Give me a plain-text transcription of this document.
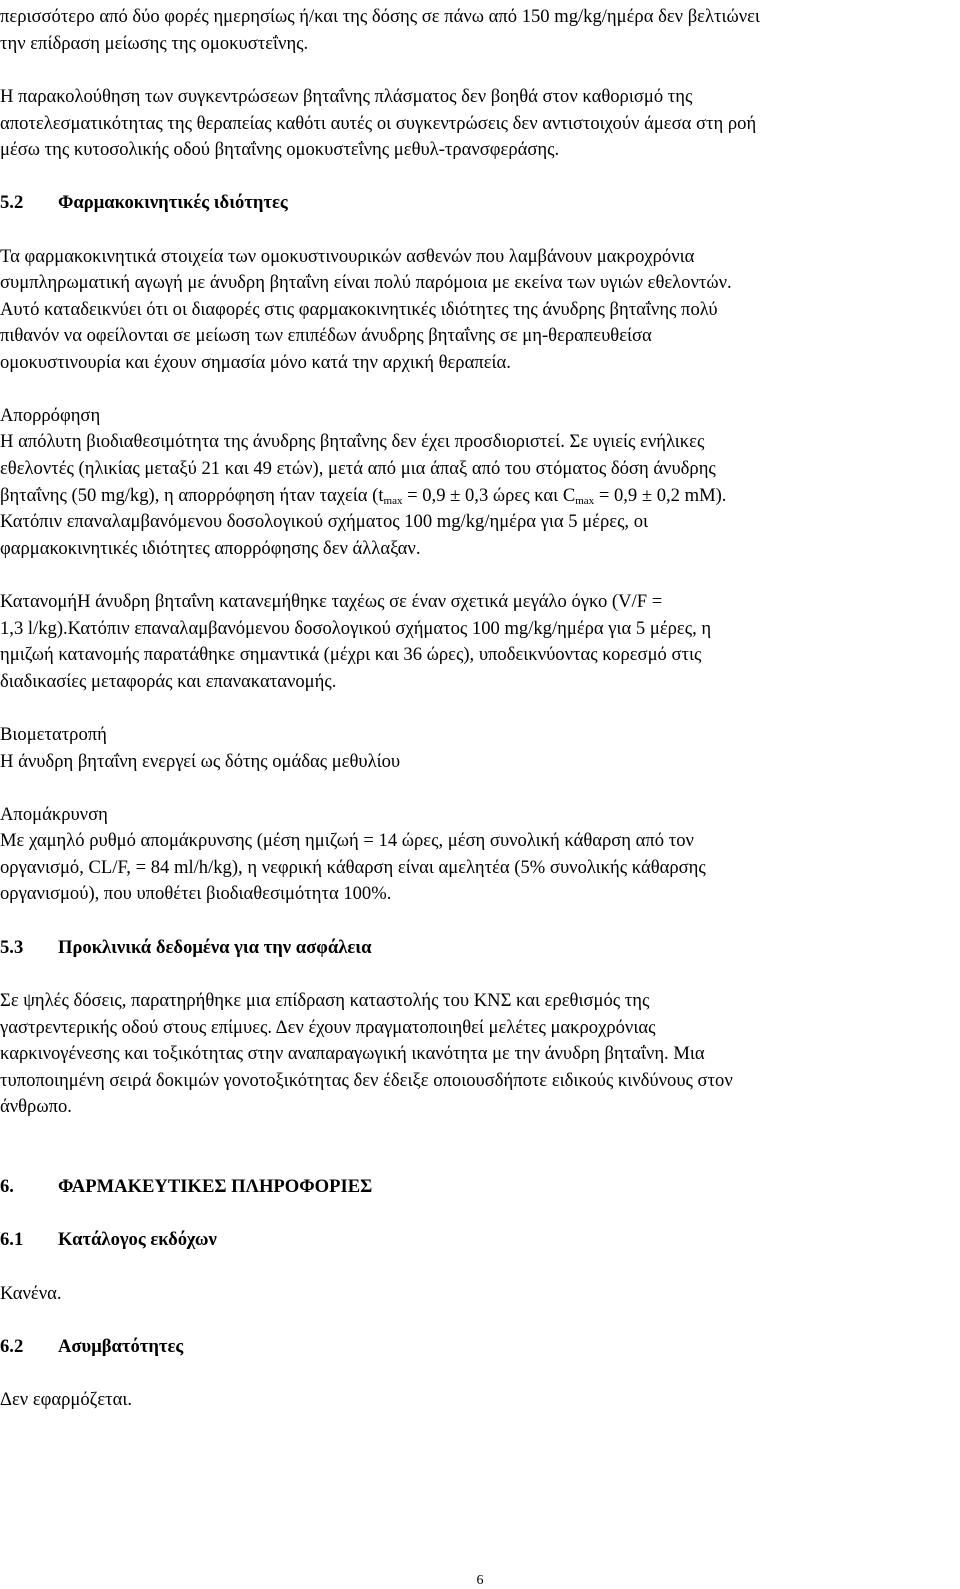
περισσότερο από δύο φορές ημερησίως ή/και της δόσης σε πάνω από 150 mg/kg/ημέρα δεν βελτιώνει
την επίδραση μείωσης της ομοκυστεΐνης.
Η παρακολούθηση των συγκεντρώσεων βηταΐνης πλάσματος δεν βοηθά στον καθορισμό της
αποτελεσματικότητας της θεραπείας καθότι αυτές οι συγκεντρώσεις δεν αντιστοιχούν άμεσα στη ροή
μέσω της κυτοσολικής οδού βηταΐνης ομοκυστεΐνης μεθυλ-τρανσφεράσης.
5.2 Φαρμακοκινητικές ιδιότητες
Τα φαρμακοκινητικά στοιχεία των ομοκυστινουρικών ασθενών που λαμβάνουν μακροχρόνια
συμπληρωματική αγωγή με άνυδρη βηταΐνη είναι πολύ παρόμοια με εκείνα των υγιών εθελοντών.
Αυτό καταδεικνύει ότι οι διαφορές στις φαρμακοκινητικές ιδιότητες της άνυδρης βηταΐνης πολύ
πιθανόν να οφείλονται σε μείωση των επιπέδων άνυδρης βηταΐνης σε μη-θεραπευθείσα
ομοκυστινουρία και έχουν σημασία μόνο κατά την αρχική θεραπεία.
Απορρόφηση
Η απόλυτη βιοδιαθεσιμότητα της άνυδρης βηταΐνης δεν έχει προσδιοριστεί. Σε υγιείς ενήλικες
εθελοντές (ηλικίας μεταξύ 21 και 49 ετών), μετά από μια άπαξ από του στόματος δόση άνυδρης
βηταΐνης (50 mg/kg), η απορρόφηση ήταν ταχεία ($t_{max} = 0,9 \pm 0,3$ ώρες και $C_{max} = 0,9 \pm 0,2$ mM).
Κατόπιν επαναλαμβανόμενου δοσολογικού σχήματος 100 mg/kg/ημέρα για 5 μέρες, οι
φαρμακοκινητικές ιδιότητες απορρόφησης δεν άλλαξαν.
ΚατανομήΗ άνυδρη βηταΐνη κατανεμήθηκε ταχέως σε έναν σχετικά μεγάλο όγκο (V/F =
1,3 l/kg).Κατόπιν επαναλαμβανόμενου δοσολογικού σχήματος 100 mg/kg/ημέρα για 5 μέρες, η
ημιζωή κατανομής παρατάθηκε σημαντικά (μέχρι και 36 ώρες), υποδεικνύοντας κορεσμό στις
διαδικασίες μεταφοράς και επανακατανομής.
Βιομετατροπή
Η άνυδρη βηταΐνη ενεργεί ως δότης ομάδας μεθυλίου
Απομάκρυνση
Με χαμηλό ρυθμό απομάκρυνσης (μέση ημιζωή = 14 ώρες, μέση συνολική κάθαρση από τον
οργανισμό, CL/F, = 84 ml/h/kg), η νεφρική κάθαρση είναι αμελητέα (5% συνολικής κάθαρσης
οργανισμού), που υποθέτει βιοδιαθεσιμότητα 100%.
5.3 Προκλινικά δεδομένα για την ασφάλεια
Σε ψηλές δόσεις, παρατηρήθηκε μια επίδραση καταστολής του ΚΝΣ και ερεθισμός της
γαστρεντερικής οδού στους επίμυες. Δεν έχουν πραγματοποιηθεί μελέτες μακροχρόνιας
καρκινογένεσης και τοξικότητας στην αναπαραγωγική ικανότητα με την άνυδρη βηταΐνη. Μια
τυποποιημένη σειρά δοκιμών γονοτοξικότητας δεν έδειξε οποιουσδήποτε ειδικούς κινδύνους στον
άνθρωπο.
6. ΦΑΡΜΑΚΕΥΤΙΚΕΣ ΠΛΗΡΟΦΟΡΙΕΣ
6.1 Κατάλογος εκδόχων
Κανένα.
6.2 Ασυμβατότητες
Δεν εφαρμόζεται.
6
